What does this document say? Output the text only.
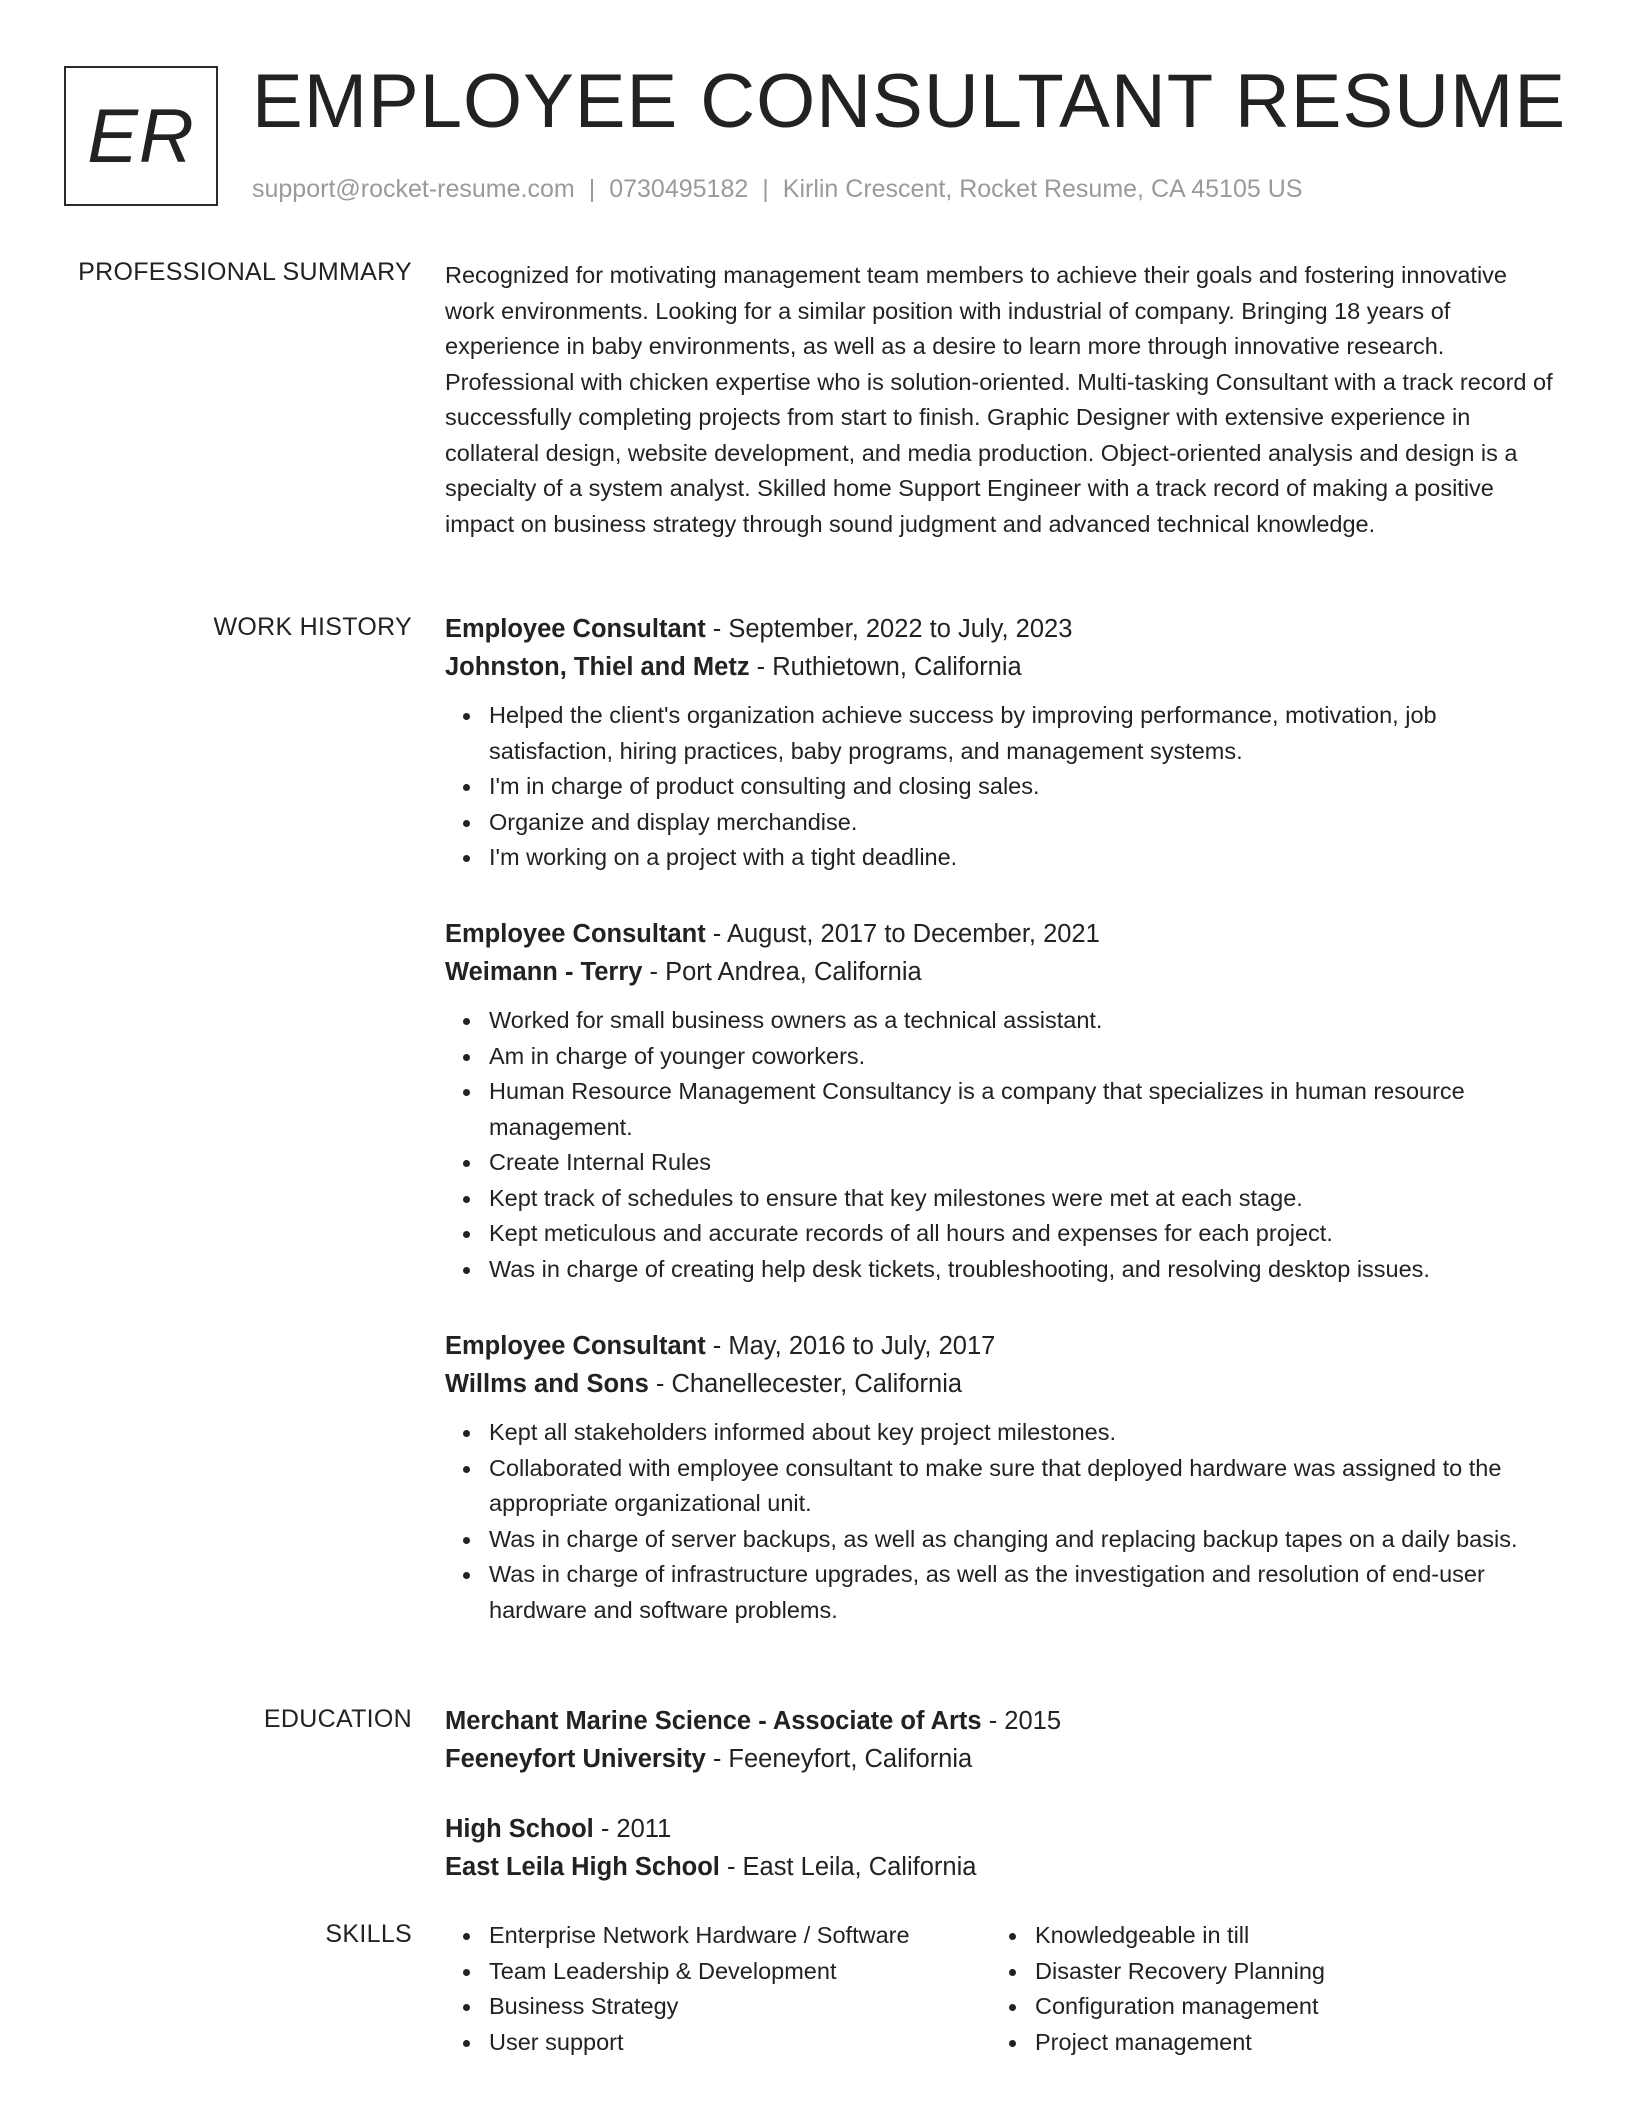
ER EMPLOYEE CONSULTANT RESUME
support@rocket-resume.com | 0730495182 | Kirlin Crescent, Rocket Resume, CA 45105 US
PROFESSIONAL SUMMARY Recognized for motivating management team members to achieve their goals and fostering innovative work environments. Looking for a similar position with industrial of company. Bringing 18 years of experience in baby environments, as well as a desire to learn more through innovative research. Professional with chicken expertise who is solution-oriented. Multi-tasking Consultant with a track record of successfully completing projects from start to finish. Graphic Designer with extensive experience in collateral design, website development, and media production. Object-oriented analysis and design is a specialty of a system analyst. Skilled home Support Engineer with a track record of making a positive impact on business strategy through sound judgment and advanced technical knowledge.

WORK HISTORY Employee Consultant - September, 2022 to July, 2023
Johnston, Thiel and Metz - Ruthietown, California
Helped the client's organization achieve success by improving performance, motivation, job satisfaction, hiring practices, baby programs, and management systems.
I'm in charge of product consulting and closing sales.
Organize and display merchandise.
I'm working on a project with a tight deadline.
Employee Consultant - August, 2017 to December, 2021
Weimann - Terry - Port Andrea, California
Worked for small business owners as a technical assistant.
Am in charge of younger coworkers.
Human Resource Management Consultancy is a company that specializes in human resource management.
Create Internal Rules
Kept track of schedules to ensure that key milestones were met at each stage.
Kept meticulous and accurate records of all hours and expenses for each project.
Was in charge of creating help desk tickets, troubleshooting, and resolving desktop issues.
Employee Consultant - May, 2016 to July, 2017
Willms and Sons - Chanellecester, California
Kept all stakeholders informed about key project milestones.
Collaborated with employee consultant to make sure that deployed hardware was assigned to the appropriate organizational unit.
Was in charge of server backups, as well as changing and replacing backup tapes on a daily basis.
Was in charge of infrastructure upgrades, as well as the investigation and resolution of end-user hardware and software problems.
EDUCATION Merchant Marine Science - Associate of Arts - 2015
Feeneyfort University - Feeneyfort, California
High School - 2011
East Leila High School - East Leila, California
SKILLS	Enterprise Network Hardware / Software
Team Leadership & Development
Business Strategy
User support
Knowledgeable in till
Disaster Recovery Planning
Configuration management
Project management
